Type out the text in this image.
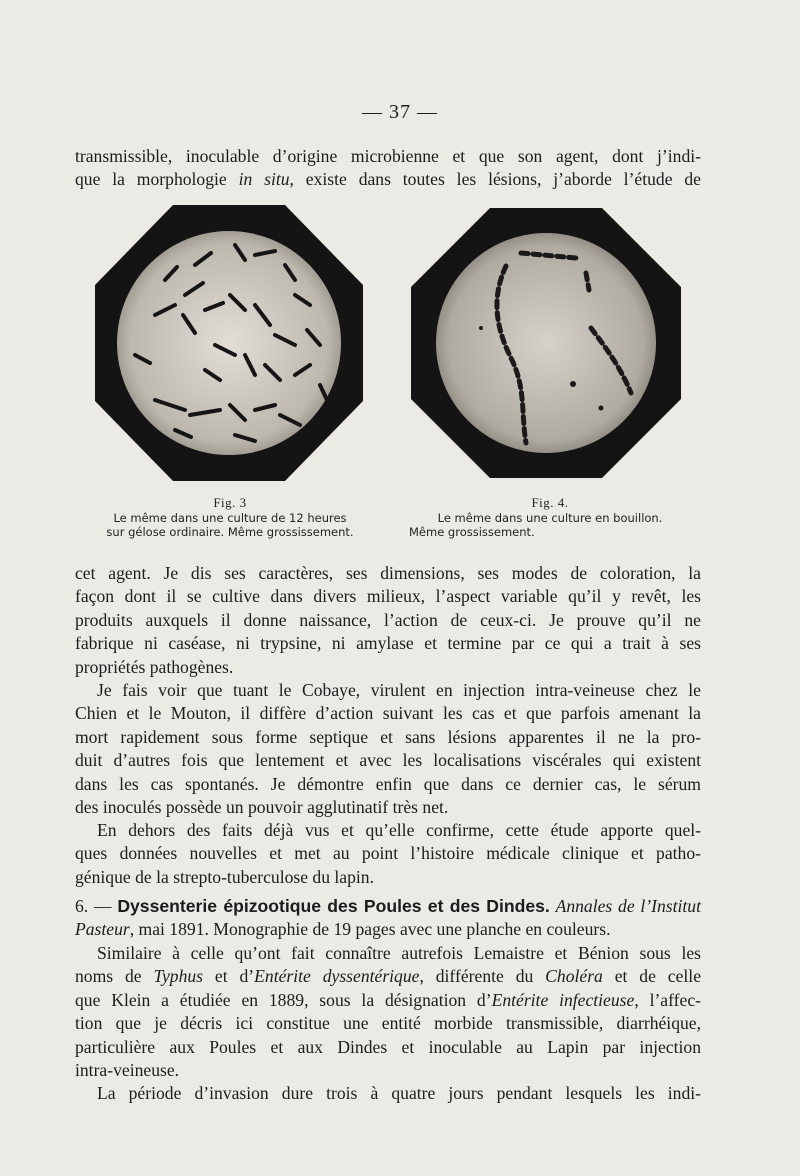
— 37 —

transmissible, inoculable d’origine microbienne et que son agent, dont j’indi-
que la morphologie in situ, existe dans toutes les lésions, j’aborde l’étude de

Fig. 3
Le même dans une culture de 12 heures
sur gélose ordinaire. Même grossissement.
Fig. 4.
Le même dans une culture en bouillon.
Même grossissement.

cet agent. Je dis ses caractères, ses dimensions, ses modes de coloration, la
façon dont il se cultive dans divers milieux, l’aspect variable qu’il y revêt, les
produits auxquels il donne naissance, l’action de ceux-ci. Je prouve qu’il ne
fabrique ni caséase, ni trypsine, ni amylase et termine par ce qui a trait à ses
propriétés pathogènes.

Je fais voir que tuant le Cobaye, virulent en injection intra-veineuse chez le
Chien et le Mouton, il diffère d’action suivant les cas et que parfois amenant la
mort rapidement sous forme septique et sans lésions apparentes il ne la pro-
duit d’autres fois que lentement et avec les localisations viscérales qui existent
dans les cas spontanés. Je démontre enfin que dans ce dernier cas, le sérum
des inoculés possède un pouvoir agglutinatif très net.

En dehors des faits déjà vus et qu’elle confirme, cette étude apporte quel-
ques données nouvelles et met au point l’histoire médicale clinique et patho-
génique de la strepto-tuberculose du lapin.

6. — Dyssenterie épizootique des Poules et des Dindes. Annales de l’Institut
Pasteur, mai 1891. Monographie de 19 pages avec une planche en couleurs.

Similaire à celle qu’ont fait connaître autrefois Lemaistre et Bénion sous les
noms de Typhus et d’Entérite dyssentérique, différente du Choléra et de celle
que Klein a étudiée en 1889, sous la désignation d’Entérite infectieuse, l’affec-
tion que je décris ici constitue une entité morbide transmissible, diarrhéique,
particulière aux Poules et aux Dindes et inoculable au Lapin par injection
intra-veineuse.

La période d’invasion dure trois à quatre jours pendant lesquels les indi-
